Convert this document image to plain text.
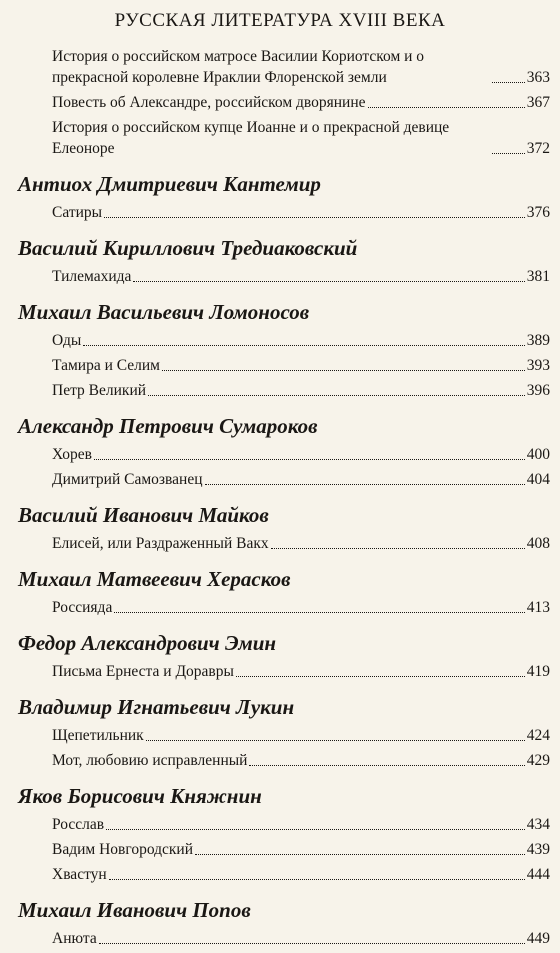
РУССКАЯ ЛИТЕРАТУРА XVIII ВЕКА
История о российском матросе Василии Кориотском и о прекрасной королевне Ираклии Флоренской земли	363
Повесть об Александре, российском дворянине	367
История о российском купце Иоанне и о прекрасной девице Елеоноре	372
Антиох Дмитриевич Кантемир
Сатиры	376
Василий Кириллович Тредиаковский
Тилемахида	381
Михаил Васильевич Ломоносов
Оды	389
Тамира и Селим	393
Петр Великий	396
Александр Петрович Сумароков
Хорев	400
Димитрий Самозванец	404
Василий Иванович Майков
Елисей, или Раздраженный Вакх	408
Михаил Матвеевич Херасков
Россияда	413
Федор Александрович Эмин
Письма Ернеста и Доравры	419
Владимир Игнатьевич Лукин
Щепетильник	424
Мот, любовию исправленный	429
Яков Борисович Княжнин
Росслав	434
Вадим Новгородский	439
Хвастун	444
Михаил Иванович Попов
Анюта	449
